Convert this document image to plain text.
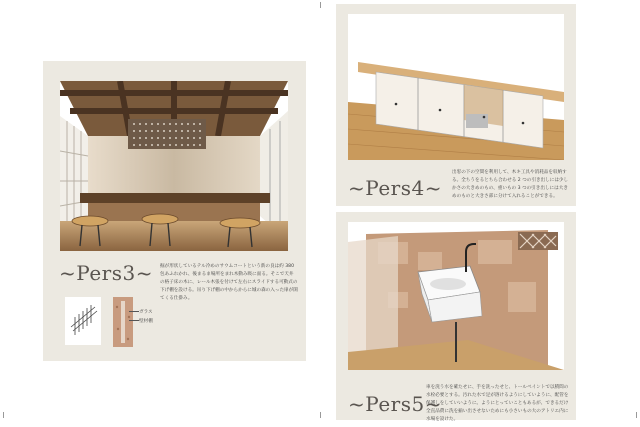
~Pers3~ 掘が形状しているテル冷めのサウムコートという新の良は約 380 包あふれかれ、後まるま場所をまれ木動み吸に面る。そこで天井の格子床の木に、レール木張を付けて左右にスライドする可動式の下げ棚を設ける。吊り下げ棚の中からからに城の森の入った扉が開てくる仕掛み。
ガラス
壁材棚
~Pers4~
出窓の下の空間を利用して、木キ工具や消耗品を収納する。全ちうをるとちら合わせる 2 つの引き出しには少しかさの大きめのもの、重いもの 3 つの引き出しには大きめのものと大きさ部に分けて入れることができる。
~Pers5~
車を洗う水を確たせに、手を洗ったせと、トールペイントで以積間の水栓必要とする。汚れた水で足が溶けるようにしていように、配管を保護しをしていいように。ようにとっていこともあるが、できるだけ全直品費に洗を揃い出させないためにも小さいもの大のアトリエ内に水場を設けた。
